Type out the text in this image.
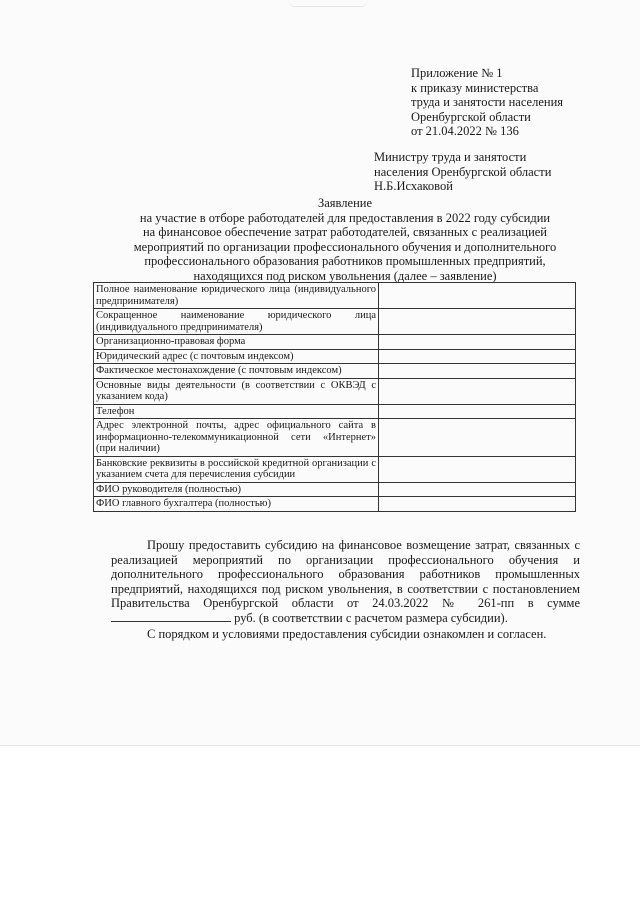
Приложение № 1
к приказу министерства
труда и занятости населения
Оренбургской области
от 21.04.2022 № 136
Министру труда и занятости
населения Оренбургской области
Н.Б.Исхаковой
Заявление
на участие в отборе работодателей для предоставления в 2022 году субсидии
на финансовое обеспечение затрат работодателей, связанных с реализацией
мероприятий по организации профессионального обучения и дополнительного
профессионального образования работников промышленных предприятий,
находящихся под риском увольнения (далее – заявление)
Полное наименование юридического лица (индивидуального предпринимателя)	
Сокращенное наименование юридического лица (индивидуального предпринимателя)	
Организационно-правовая форма	
Юридический адрес (с почтовым индексом)	
Фактическое местонахождение (с почтовым индексом)	
Основные виды деятельности (в соответствии с ОКВЭД с указанием кода)	
Телефон	
Адрес электронной почты, адрес официального сайта в информационно-телекоммуникационной сети «Интернет» (при наличии)	
Банковские реквизиты в российской кредитной организации с указанием счета для перечисления субсидии	
ФИО руководителя (полностью)	
ФИО главного бухгалтера (полностью)	

Прошу предоставить субсидию на финансовое возмещение затрат, связанных с реализацией мероприятий по организации профессионального обучения и дополнительного профессионального образования работников промышленных предприятий, находящихся под риском увольнения, в соответствии с постановлением Правительства Оренбургской области от 24.03.2022 № 261-пп в сумме  руб. (в соответствии с расчетом размера субсидии).

С порядком и условиями предоставления субсидии ознакомлен и согласен.
